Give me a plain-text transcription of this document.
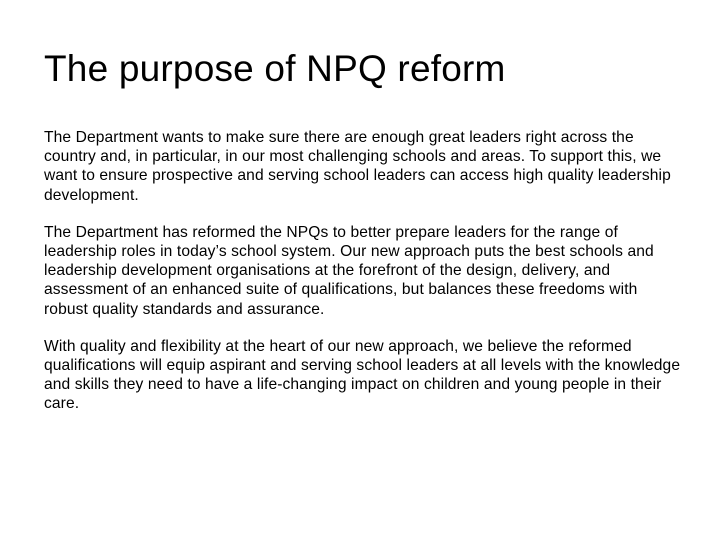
The purpose of NPQ reform

The Department wants to make sure there are enough great leaders right across the country and, in particular, in our most challenging schools and areas. To support this, we want to ensure prospective and serving school leaders can access high quality leadership development.

The Department has reformed the NPQs to better prepare leaders for the range of leadership roles in today’s school system. Our new approach puts the best schools and leadership development organisations at the forefront of the design, delivery, and assessment of an enhanced suite of qualifications, but balances these freedoms with robust quality standards and assurance.

With quality and flexibility at the heart of our new approach, we believe the reformed qualifications will equip aspirant and serving school leaders at all levels with the knowledge and skills they need to have a life-changing impact on children and young people in their care.
